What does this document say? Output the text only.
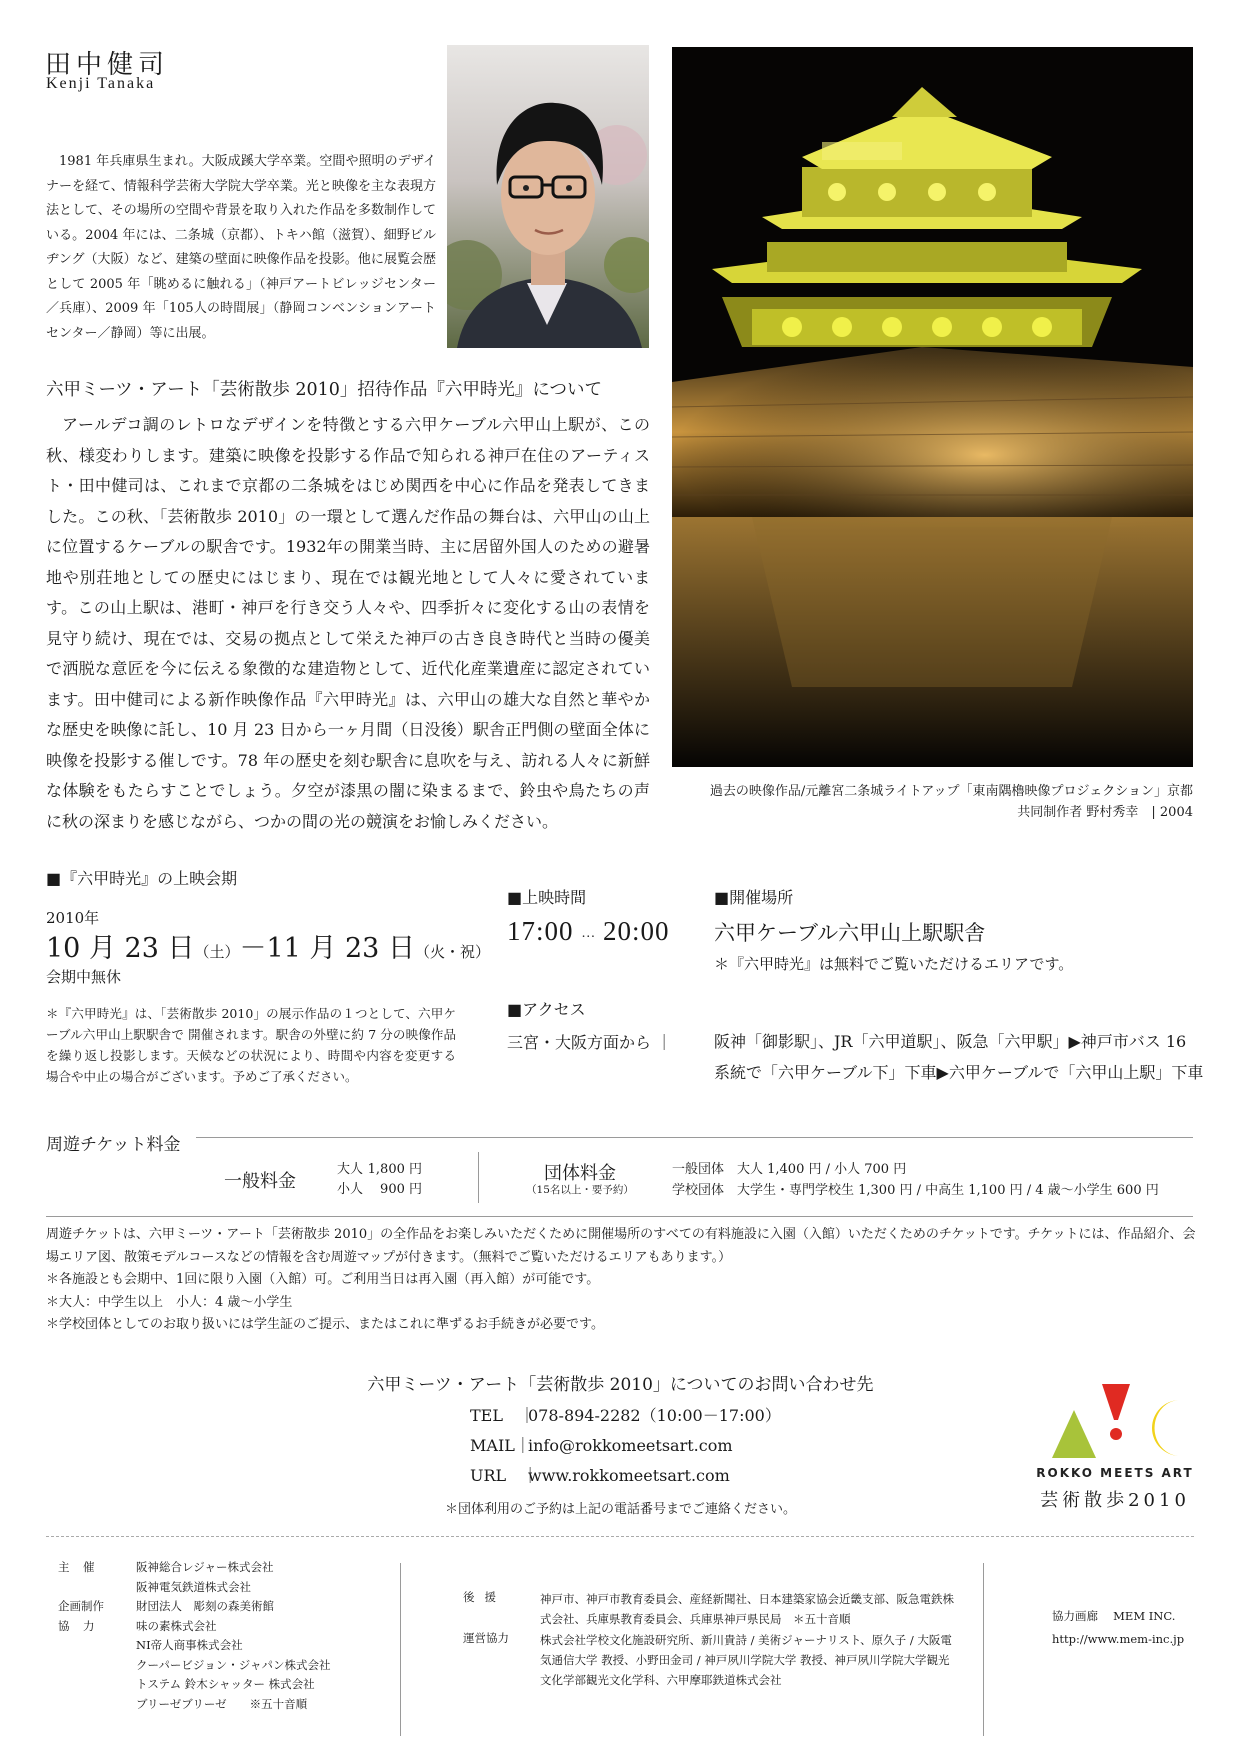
田中健司
Kenji Tanaka
1981 年兵庫県生まれ。大阪成蹊大学卒業。空間や照明のデザイナーを経て、情報科学芸術大学院大学卒業。光と映像を主な表現方法として、その場所の空間や背景を取り入れた作品を多数制作している。2004 年には、二条城（京都）、トキハ館（滋賀）、細野ビルヂング（大阪）など、建築の壁面に映像作品を投影。他に展覧会歴として 2005 年「眺めるに触れる」（神戸アートビレッジセンター／兵庫）、2009 年「105人の時間展」（静岡コンベンションアートセンター／静岡）等に出展。
過去の映像作品/元離宮二条城ライトアップ「東南隅櫓映像プロジェクション」京都
共同制作者 野村秀幸　| 2004
六甲ミーツ・アート「芸術散歩 2010」招待作品『六甲時光』について
アールデコ調のレトロなデザインを特徴とする六甲ケーブル六甲山上駅が、この秋、様変わりします。建築に映像を投影する作品で知られる神戸在住のアーティスト・田中健司は、これまで京都の二条城をはじめ関西を中心に作品を発表してきました。この秋、「芸術散歩 2010」の一環として選んだ作品の舞台は、六甲山の山上に位置するケーブルの駅舎です。1932年の開業当時、主に居留外国人のための避暑地や別荘地としての歴史にはじまり、現在では観光地として人々に愛されています。この山上駅は、港町・神戸を行き交う人々や、四季折々に変化する山の表情を見守り続け、現在では、交易の拠点として栄えた神戸の古き良き時代と当時の優美で洒脱な意匠を今に伝える象徴的な建造物として、近代化産業遺産に認定されています。田中健司による新作映像作品『六甲時光』は、六甲山の雄大な自然と華やかな歴史を映像に託し、10 月 23 日から一ヶ月間（日没後）駅舎正門側の壁面全体に映像を投影する催しです。78 年の歴史を刻む駅舎に息吹を与え、訪れる人々に新鮮な体験をもたらすことでしょう。夕空が漆黒の闇に染まるまで、鈴虫や鳥たちの声に秋の深まりを感じながら、つかの間の光の競演をお愉しみください。
■『六甲時光』の上映会期
2010年
10 月 23 日（土）－11 月 23 日（火・祝）
会期中無休
＊『六甲時光』は、「芸術散歩 2010」の展示作品の１つとして、六甲ケーブル六甲山上駅駅舎で 開催されます。駅舎の外壁に約 7 分の映像作品を繰り返し投影します。天候などの状況により、時間や内容を変更する場合や中止の場合がございます。予めご了承ください。
■上映時間
17:00 … 20:00
■開催場所
六甲ケーブル六甲山上駅駅舎
＊『六甲時光』は無料でご覧いただけるエリアです。
■アクセス
三宮・大阪方面から ｜	阪神「御影駅」、JR「六甲道駅」、阪急「六甲駅」▶神戸市バス 16 系統で「六甲ケーブル下」下車▶六甲ケーブルで「六甲山上駅」下車
周遊チケット料金
一般料金
大人 1,800 円
小人 900 円
団体料金
（15名以上・要予約）
一般団体　大人 1,400 円 / 小人 700 円
学校団体　大学生・専門学校生 1,300 円 / 中高生 1,100 円 / 4 歳～小学生 600 円
周遊チケットは、六甲ミーツ・アート「芸術散歩 2010」の全作品をお楽しみいただくために開催場所のすべての有料施設に入園（入館）いただくためのチケットです。チケットには、作品紹介、会場エリア図、散策モデルコースなどの情報を含む周遊マップが付きます。（無料でご覧いただけるエリアもあります。）
＊各施設とも会期中、1回に限り入園（入館）可。ご利用当日は再入園（再入館）が可能です。
＊大人：中学生以上　小人：4 歳～小学生
＊学校団体としてのお取り扱いには学生証のご提示、またはこれに準ずるお手続きが必要です。
六甲ミーツ・アート「芸術散歩 2010」についてのお問い合わせ先
TEL　｜078-894-2282（10:00－17:00）
MAIL｜info@rokkomeetsart.com
URL　｜www.rokkomeetsart.com
＊団体利用のご予約は上記の電話番号までご連絡ください。
ROKKO MEETS ART
芸術散歩2010
主　催	阪神総合レジャー株式会社
阪神電気鉄道株式会社
企画制作	財団法人　彫刻の森美術館
協　力	味の素株式会社
NI帝人商事株式会社
クーパービジョン・ジャパン株式会社
トステム 鈴木シャッター 株式会社
ブリーゼブリーゼ　　※五十音順
後援	神戸市、神戸市教育委員会、産経新聞社、日本建築家協会近畿支部、阪急電鉄株式会社、兵庫県教育委員会、兵庫県神戸県民局　＊五十音順
運営協力	株式会社学校文化施設研究所、新川貴詩 / 美術ジャーナリスト、原久子 / 大阪電気通信大学 教授、小野田金司 / 神戸夙川学院大学 教授、神戸夙川学院大学観光文化学部観光文化学科、六甲摩耶鉄道株式会社
協力画廊　 MEM INC.
http://www.mem-inc.jp
